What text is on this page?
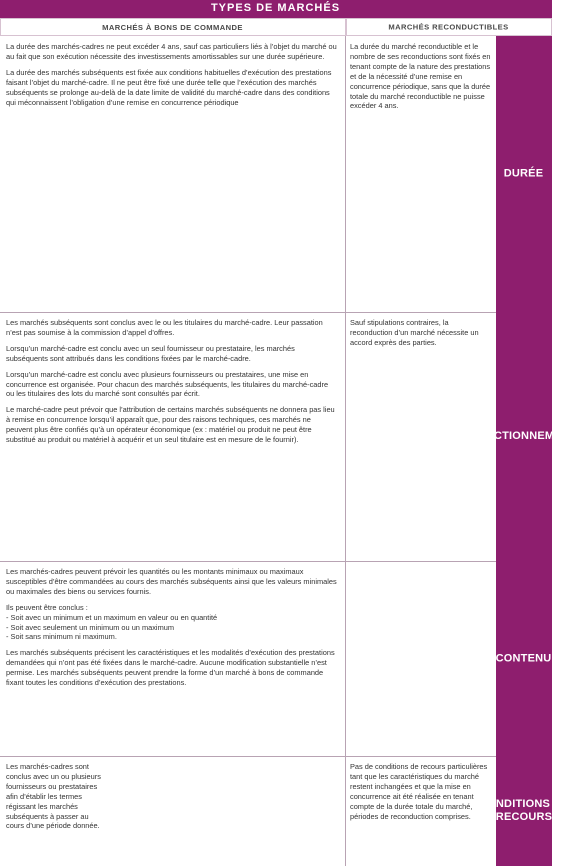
TYPES DE MARCHÉS
MARCHÉS RECONDUCTIBLES
MARCHÉS À BONS DE COMMANDE
CONDITIONS DE RECOURS
CONTENU
FONCTIONNEMENT
DURÉE
Pas de conditions de recours particulières tant que les caractéristiques du marché restent inchangées et que la mise en concurrence ait été réalisée en tenant compte de la durée totale du marché, périodes de reconduction comprises.
Sauf stipulations contraires, la reconduction d’un marché nécessite un accord exprès des parties.
La durée du marché reconductible et le nombre de ses reconductions sont fixés en tenant compte de la nature des prestations et de la nécessité d’une remise en concurrence périodique, sans que la durée totale du marché reconductible ne puisse excéder 4 ans.
Les marchés-cadres sont conclus avec un ou plusieurs fournisseurs ou prestataires afin d’établir les termes régissant les marchés subséquents à passer au cours d’une période donnée.

Les marchés-cadres peuvent prévoir les quantités ou les montants minimaux ou maximaux susceptibles d’être commandées au cours des marchés subséquents ainsi que les valeurs minimales ou maximales des biens ou services fournis.

Ils peuvent être conclus :

- Soit avec un minimum et un maximum en valeur ou en quantité

- Soit avec seulement un minimum ou un maximum

- Soit sans minimum ni maximum.

Les marchés subséquents précisent les caractéristiques et les modalités d’exécution des prestations demandées qui n’ont pas été fixées dans le marché-cadre. Aucune modification substantielle n’est permise. Les marchés subséquents peuvent prendre la forme d’un marché à bons de commande fixant toutes les conditions d’exécution des prestations.

Les marchés subséquents sont conclus avec le ou les titulaires du marché-cadre. Leur passation n’est pas soumise à la commission d’appel d’offres.

Lorsqu’un marché-cadre est conclu avec un seul fournisseur ou prestataire, les marchés subséquents sont attribués dans les conditions fixées par le marché-cadre.

Lorsqu’un marché-cadre est conclu avec plusieurs fournisseurs ou prestataires, une mise en concurrence est organisée. Pour chacun des marchés subséquents, les titulaires du marché-cadre ou les titulaires des lots du marché sont consultés par écrit.

Le marché-cadre peut prévoir que l’attribution de certains marchés subséquents ne donnera pas lieu à remise en concurrence lorsqu’il apparaît que, pour des raisons techniques, ces marchés ne peuvent plus être confiés qu’à un opérateur économique (ex : matériel ou produit ne peut être substitué au produit ou matériel à acquérir et un seul titulaire est en mesure de le fournir).

La durée des marchés-cadres ne peut excéder 4 ans, sauf cas particuliers liés à l’objet du marché ou au fait que son exécution nécessite des investissements amortissables sur une durée supérieure.

La durée des marchés subséquents est fixée aux conditions habituelles d’exécution des prestations faisant l’objet du marché-cadre. Il ne peut être fixé une durée telle que l’exécution des marchés subséquents se prolonge au-delà de la date limite de validité du marché-cadre dans des conditions qui méconnaissent l’obligation d’une remise en concurrence périodique
